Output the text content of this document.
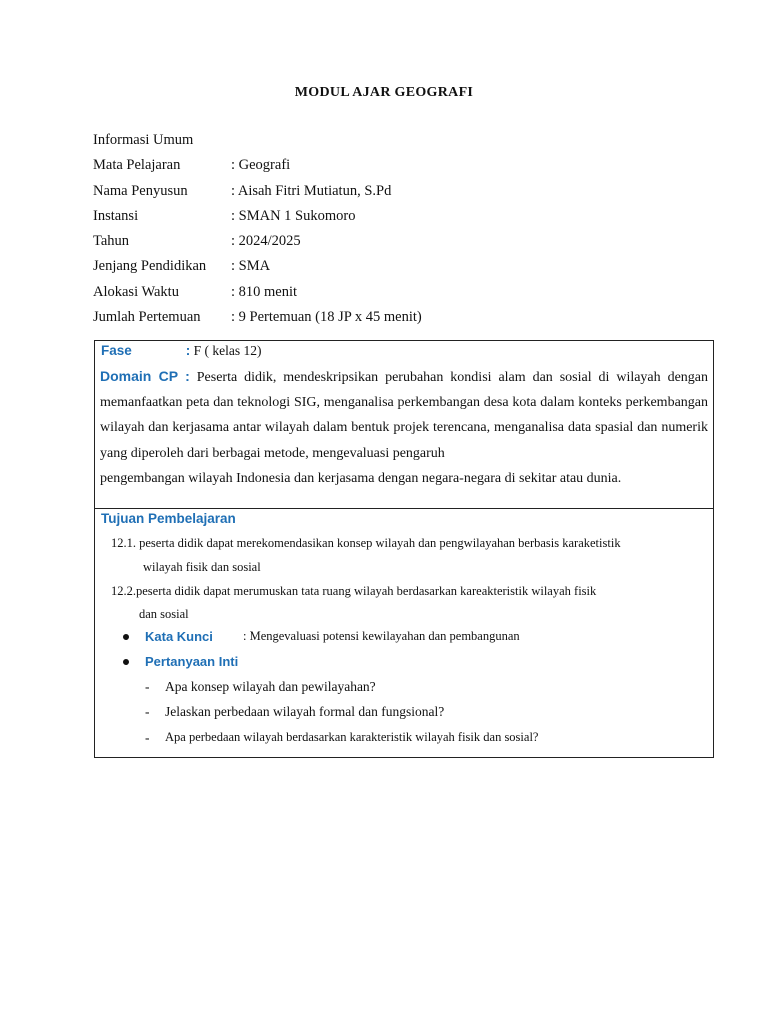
MODUL AJAR GEOGRAFI
Informasi Umum
Mata Pelajaran	: Geografi
Nama Penyusun	: Aisah Fitri Mutiatun, S.Pd
Instansi	: SMAN 1 Sukomoro
Tahun	: 2024/2025
Jenjang Pendidikan	: SMA
Alokasi Waktu	: 810 menit
Jumlah Pertemuan	: 9 Pertemuan (18 JP x 45 menit)
Fase	: F ( kelas 12)
Domain CP : Peserta didik, mendeskripsikan perubahan kondisi alam dan sosial di wilayah dengan memanfaatkan peta dan teknologi SIG, menganalisa perkembangan desa kota dalam konteks perkembangan wilayah dan kerjasama antar wilayah dalam bentuk projek terencana, menganalisa data spasial dan numerik yang diperoleh dari berbagai metode, mengevaluasi pengaruh
pengembangan wilayah Indonesia dan kerjasama dengan negara-negara di sekitar atau dunia.
Tujuan Pembelajaran
12.1. peserta didik dapat merekomendasikan konsep wilayah dan pengwilayahan berbasis karaketistik
wilayah fisik dan sosial
12.2.peserta didik dapat merumuskan tata ruang wilayah berdasarkan kareakteristik wilayah fisik
dan sosial
Kata Kunci	: Mengevaluasi potensi kewilayahan dan pembangunan
Pertanyaan Inti
-	Apa konsep wilayah dan pewilayahan?
-	Jelaskan perbedaan wilayah formal dan fungsional?
-	Apa perbedaan wilayah berdasarkan karakteristik wilayah fisik dan sosial?
